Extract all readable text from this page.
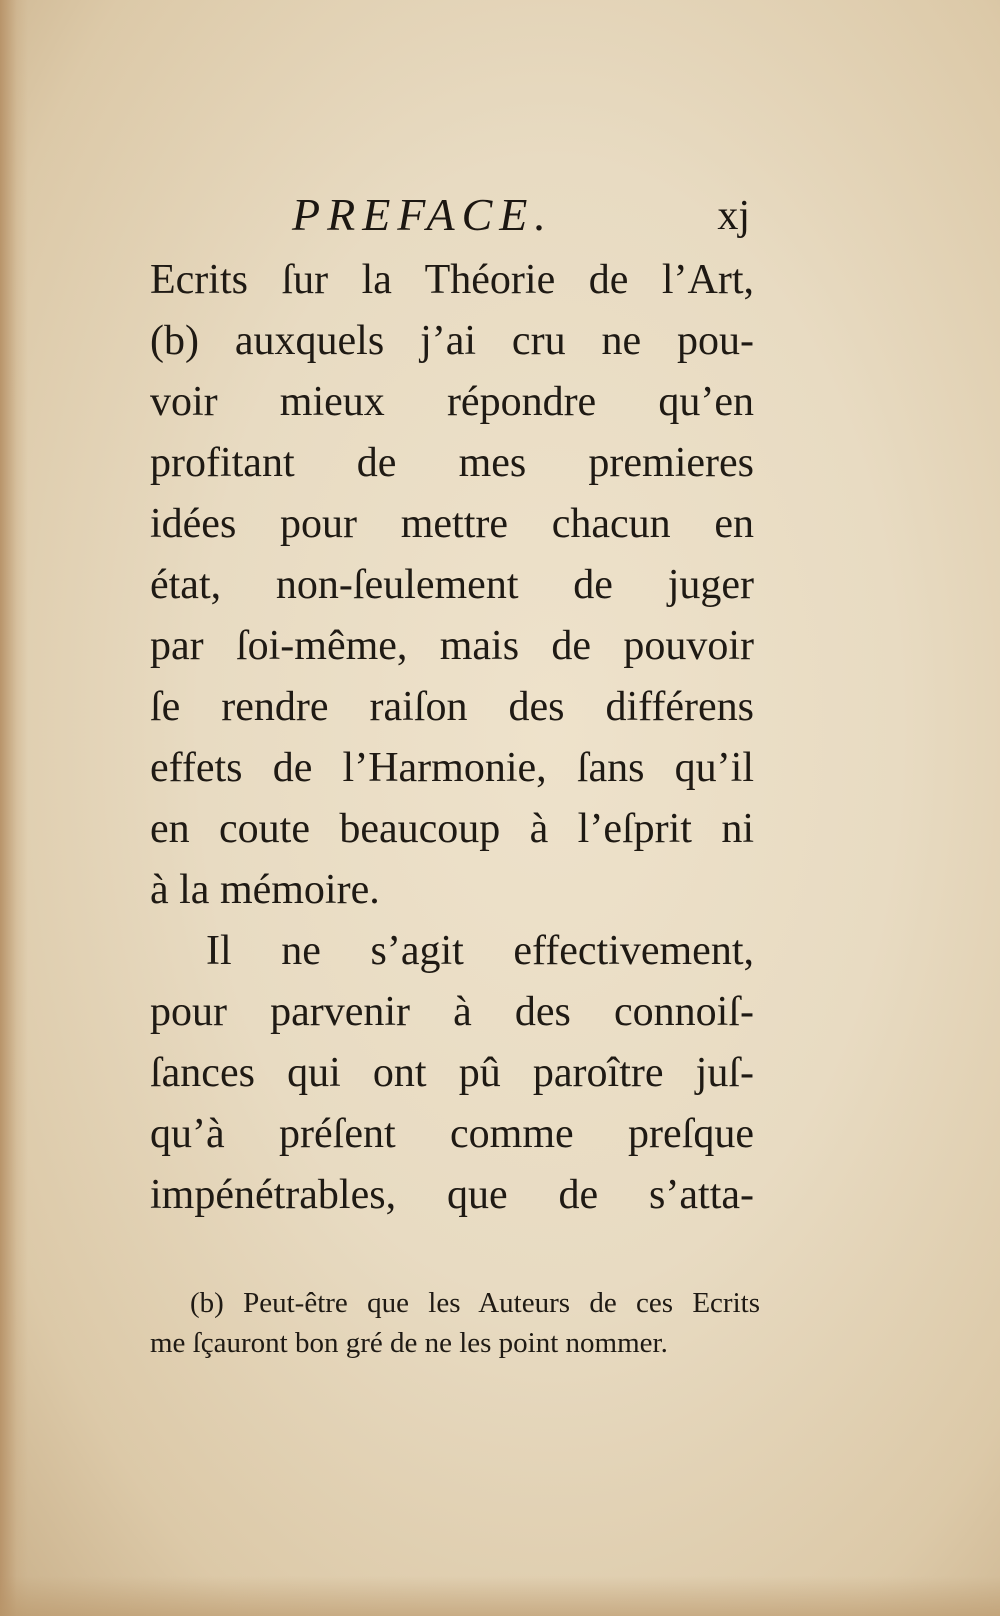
PREFACE.	xj
Ecrits ſur la Théorie de l’Art,
(b) auxquels j’ai cru ne pou-
voir mieux répondre qu’en
profitant de mes premieres
idées pour mettre chacun en
état, non-ſeulement de juger
par ſoi-même, mais de pouvoir
ſe rendre raiſon des différens
effets de l’Harmonie, ſans qu’il
en coute beaucoup à l’eſprit ni
à la mémoire.
Il ne s’agit effectivement,
pour parvenir à des connoiſ-
ſances qui ont pû paroître juſ-
qu’à préſent comme preſque
impénétrables, que de s’atta-
(b) Peut-être que les Auteurs de ces Ecrits
me ſçauront bon gré de ne les point nommer.
